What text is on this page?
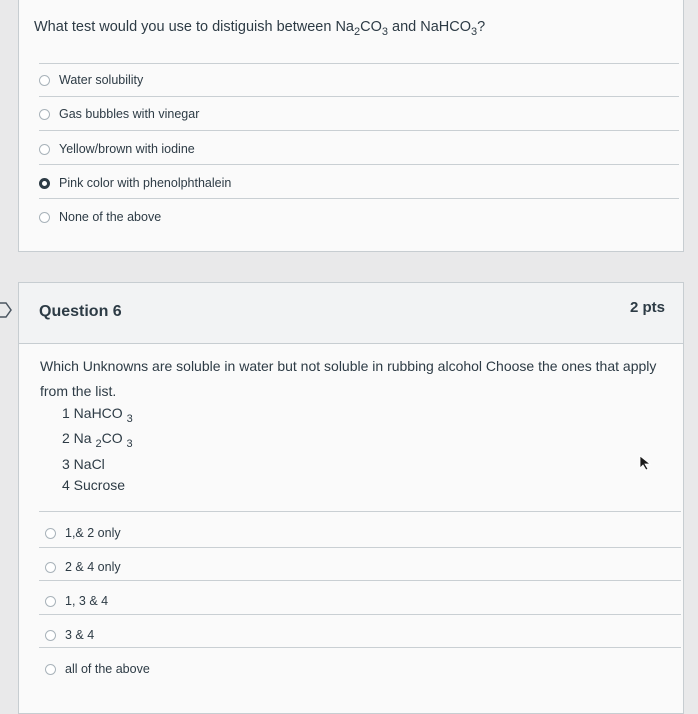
What test would you use to distiguish between $Na_2CO_3$ and NaHCO$_3$?
Water solubility
Gas bubbles with vinegar
Yellow/brown with iodine
Pink color with phenolphthalein
None of the above
Question 6	2 pts
Which Unknowns are soluble in water but not soluble in rubbing alcohol Choose the ones that apply
from the list.
1 NaHCO $_3$
2 Na $_2$CO $_3$
3 NaCl
4 Sucrose
1,& 2 only
2 & 4 only
1, 3 & 4
3 & 4
all of the above
